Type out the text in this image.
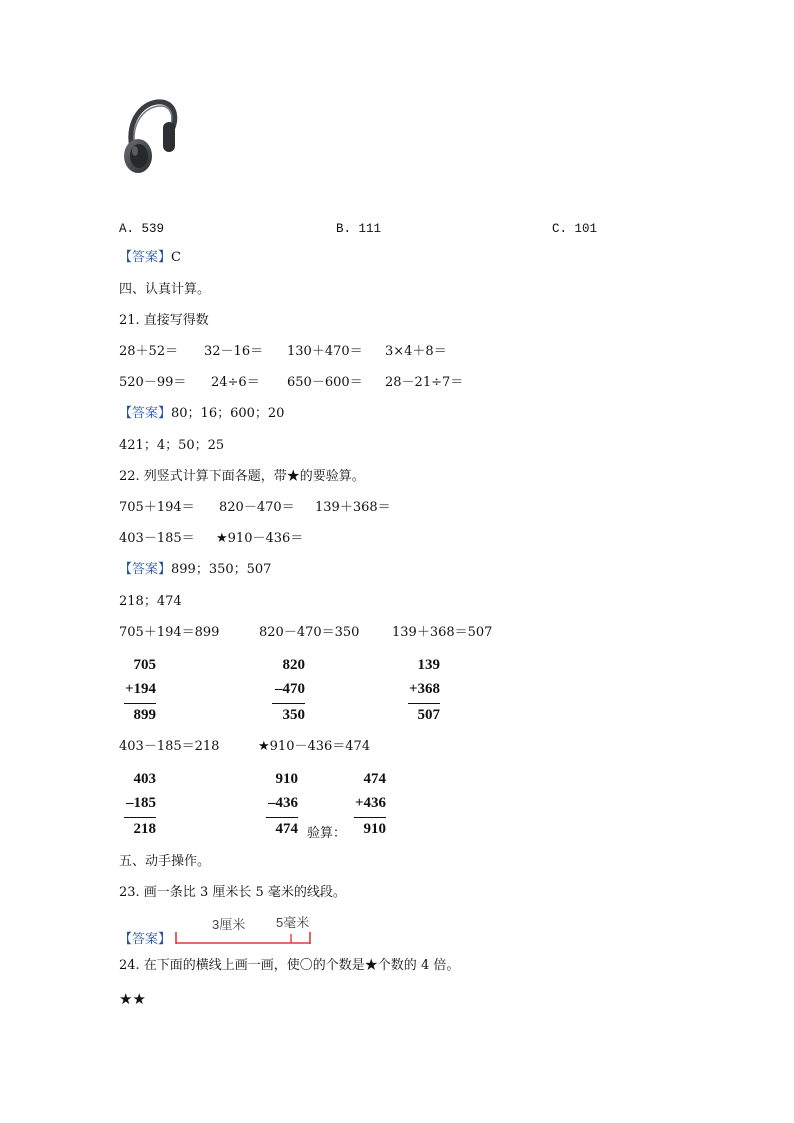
A. 539	B. 111	C. 101
【答案】C
四、认真计算。
21. 直接写得数
28＋52＝ 32－16＝ 130＋470＝ 3×4＋8＝
520－99＝ 24÷6＝ 650－600＝ 28－21÷7＝
【答案】80；16；600；20
421；4；50；25
22. 列竖式计算下面各题，带★的要验算。
705＋194＝ 820－470＝ 139＋368＝
403－185＝ ★910－436＝
【答案】899；350；507
218；474
705＋194＝899	820－470＝350	139＋368＝507
705
+194
899
820
–470
350
139
+368
507
403－185＝218	★910－436＝474
403
–185
218
910
–436
474 验算：
474
+436
910
五、动手操作。
23. 画一条比 3 厘米长 5 毫米的线段。
【答案】
3厘米 5毫米
24. 在下面的横线上画一画，使〇的个数是★个数的 4 倍。
★★
